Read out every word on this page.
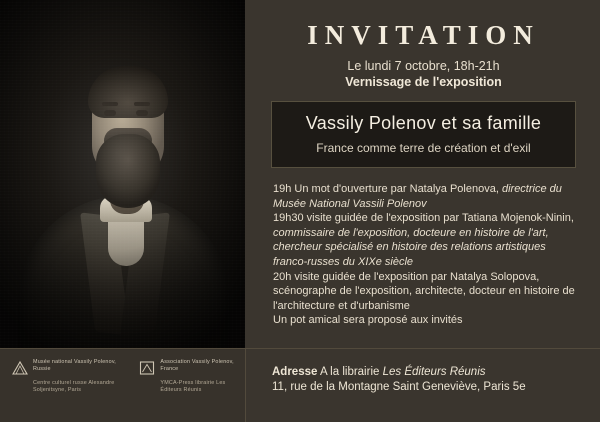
INVITATION
Le lundi 7 octobre, 18h-21h
Vernissage de l'exposition
Vassily Polenov et sa famille
France comme terre de création et d'exil

19h Un mot d'ouverture par Natalya Polenova, directrice du Musée National Vassili Polenov

19h30 visite guidée de l'exposition par Tatiana Mojenok-Ninin, commissaire de l'exposition, docteure en histoire de l'art, chercheur spécialisé en histoire des relations artistiques franco-russes du XIXe siècle

20h visite guidée de l'exposition par Natalya Solopova, scénographe de l'exposition, architecte, docteur en histoire de l'architecture et d'urbanisme

Un pot amical sera proposé aux invités

Musée national Vassily Polenov, Russie
Centre culturel russe Alexandre Soljenitsyne, Paris
Association Vassily Polenov, France
YMCA-Press librairie Les Éditeurs Réunis
Adresse A la librairie Les Éditeurs Réunis
11, rue de la Montagne Saint Geneviève, Paris 5e
